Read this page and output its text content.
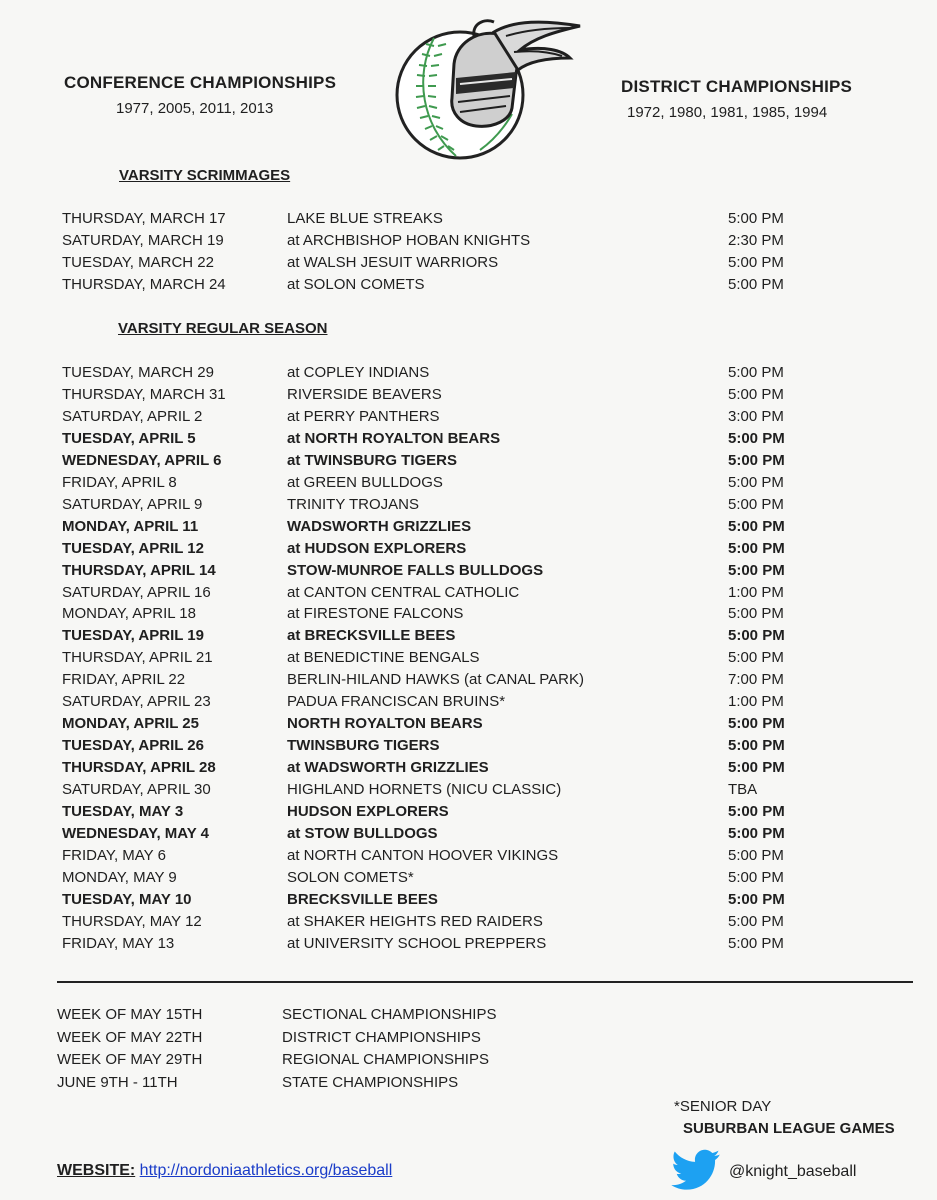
CONFERENCE CHAMPIONSHIPS
1977, 2005, 2011, 2013
DISTRICT CHAMPIONSHIPS
1972, 1980, 1981, 1985, 1994
VARSITY SCRIMMAGES
THURSDAY, MARCH 17	LAKE BLUE STREAKS	5:00 PM
SATURDAY, MARCH 19	at ARCHBISHOP HOBAN KNIGHTS	2:30 PM
TUESDAY, MARCH 22	at WALSH JESUIT WARRIORS	5:00 PM
THURSDAY, MARCH 24	at SOLON COMETS	5:00 PM
VARSITY REGULAR SEASON
TUESDAY, MARCH 29	at COPLEY INDIANS	5:00 PM
THURSDAY, MARCH 31	RIVERSIDE BEAVERS	5:00 PM
SATURDAY, APRIL 2	at PERRY PANTHERS	3:00 PM
TUESDAY, APRIL 5	at NORTH ROYALTON BEARS	5:00 PM
WEDNESDAY, APRIL 6	at TWINSBURG TIGERS	5:00 PM
FRIDAY, APRIL 8	at GREEN BULLDOGS	5:00 PM
SATURDAY, APRIL 9	TRINITY TROJANS	5:00 PM
MONDAY, APRIL 11	WADSWORTH GRIZZLIES	5:00 PM
TUESDAY, APRIL 12	at HUDSON EXPLORERS	5:00 PM
THURSDAY, APRIL 14	STOW-MUNROE FALLS BULLDOGS	5:00 PM
SATURDAY, APRIL 16	at CANTON CENTRAL CATHOLIC	1:00 PM
MONDAY, APRIL 18	at FIRESTONE FALCONS	5:00 PM
TUESDAY, APRIL 19	at BRECKSVILLE BEES	5:00 PM
THURSDAY, APRIL 21	at BENEDICTINE BENGALS	5:00 PM
FRIDAY, APRIL 22	BERLIN-HILAND HAWKS (at CANAL PARK)	7:00 PM
SATURDAY, APRIL 23	PADUA FRANCISCAN BRUINS*	1:00 PM
MONDAY, APRIL 25	NORTH ROYALTON BEARS	5:00 PM
TUESDAY, APRIL 26	TWINSBURG TIGERS	5:00 PM
THURSDAY, APRIL 28	at WADSWORTH GRIZZLIES	5:00 PM
SATURDAY, APRIL 30	HIGHLAND HORNETS (NICU CLASSIC)	TBA
TUESDAY, MAY 3	HUDSON EXPLORERS	5:00 PM
WEDNESDAY, MAY 4	at STOW BULLDOGS	5:00 PM
FRIDAY, MAY 6	at NORTH CANTON HOOVER VIKINGS	5:00 PM
MONDAY, MAY 9	SOLON COMETS*	5:00 PM
TUESDAY, MAY 10	BRECKSVILLE BEES	5:00 PM
THURSDAY, MAY 12	at SHAKER HEIGHTS RED RAIDERS	5:00 PM
FRIDAY, MAY 13	at UNIVERSITY SCHOOL PREPPERS	5:00 PM
WEEK OF MAY 15TH	SECTIONAL CHAMPIONSHIPS
WEEK OF MAY 22TH	DISTRICT CHAMPIONSHIPS
WEEK OF MAY 29TH	REGIONAL CHAMPIONSHIPS
JUNE 9TH - 11TH	STATE CHAMPIONSHIPS
*SENIOR DAY
SUBURBAN LEAGUE GAMES
WEBSITE: http://nordoniaathletics.org/baseball	@knight_baseball
